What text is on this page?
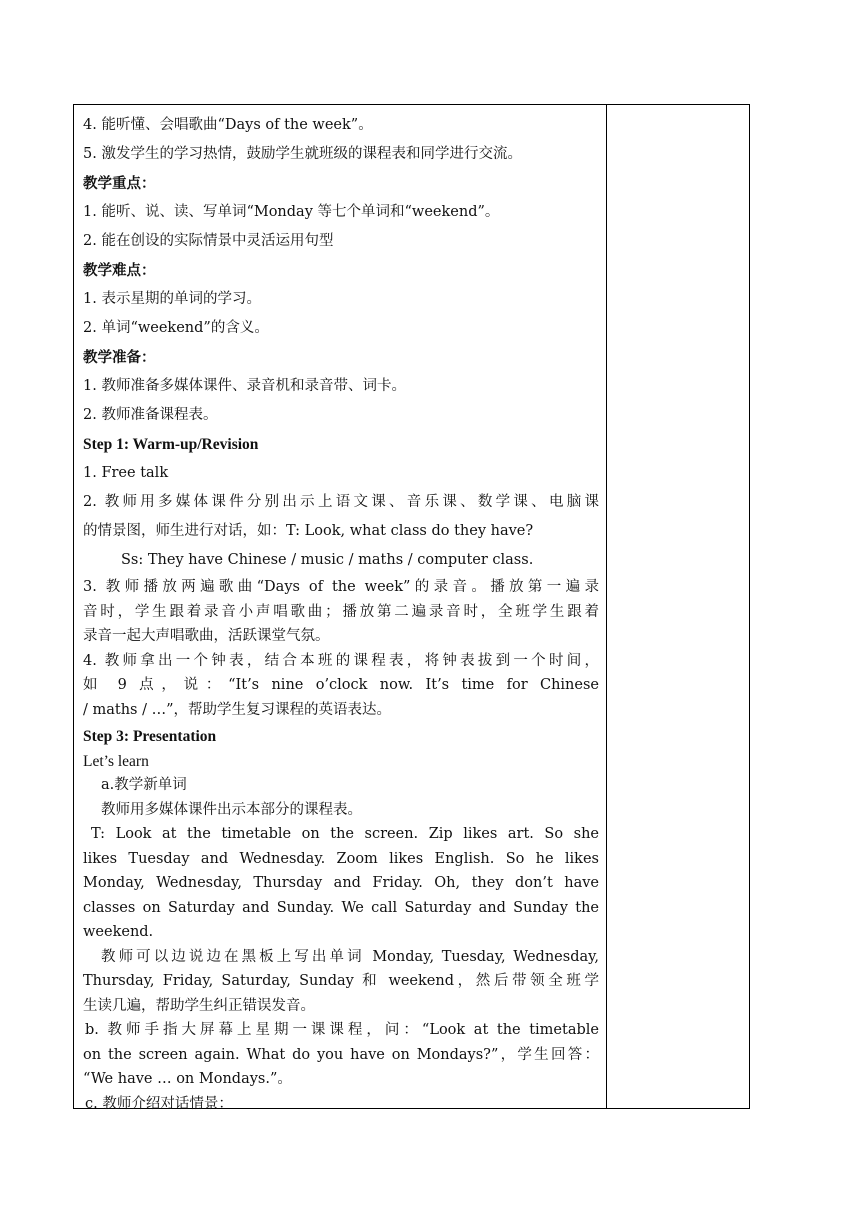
4. 能听懂、会唱歌曲“Days of the week”。
5. 激发学生的学习热情，鼓励学生就班级的课程表和同学进行交流。
教学重点：
1. 能听、说、读、写单词“Monday 等七个单词和“weekend”。
2. 能在创设的实际情景中灵活运用句型
教学难点：
1. 表示星期的单词的学习。
2. 单词“weekend”的含义。
教学准备：
1. 教师准备多媒体课件、录音机和录音带、词卡。
2. 教师准备课程表。
Step 1: Warm-up/Revision
1. Free talk
2. 教师用多媒体课件分别出示上语文课、音乐课、数学课、电脑课
的情景图，师生进行对话，如：T: Look, what class do they have?
Ss: They have Chinese / music / maths / computer class.
3. 教师播放两遍歌曲“Days of the week”的录音。播放第一遍录
音时，学生跟着录音小声唱歌曲；播放第二遍录音时，全班学生跟着
录音一起大声唱歌曲，活跃课堂气氛。
4. 教师拿出一个钟表，结合本班的课程表，将钟表拔到一个时间，
如 9 点，说：“It’s nine o’clock now. It’s time for Chinese
/ maths / …”，帮助学生复习课程的英语表达。
Step 3: Presentation
Let’s learn
a.教学新单词
教师用多媒体课件出示本部分的课程表。
T: Look at the timetable on the screen. Zip likes art. So she
likes Tuesday and Wednesday. Zoom likes English. So he likes
Monday, Wednesday, Thursday and Friday. Oh, they don’t have
classes on Saturday and Sunday. We call Saturday and Sunday the
weekend.
教师可以边说边在黑板上写出单词 Monday, Tuesday, Wednesday,
Thursday, Friday, Saturday, Sunday 和 weekend，然后带领全班学
生读几遍，帮助学生纠正错误发音。
b. 教师手指大屏幕上星期一课课程，问：“Look at the timetable
on the screen again. What do you have on Mondays?”，学生回答：
“We have … on Mondays.”。
c. 教师介绍对话情景：
